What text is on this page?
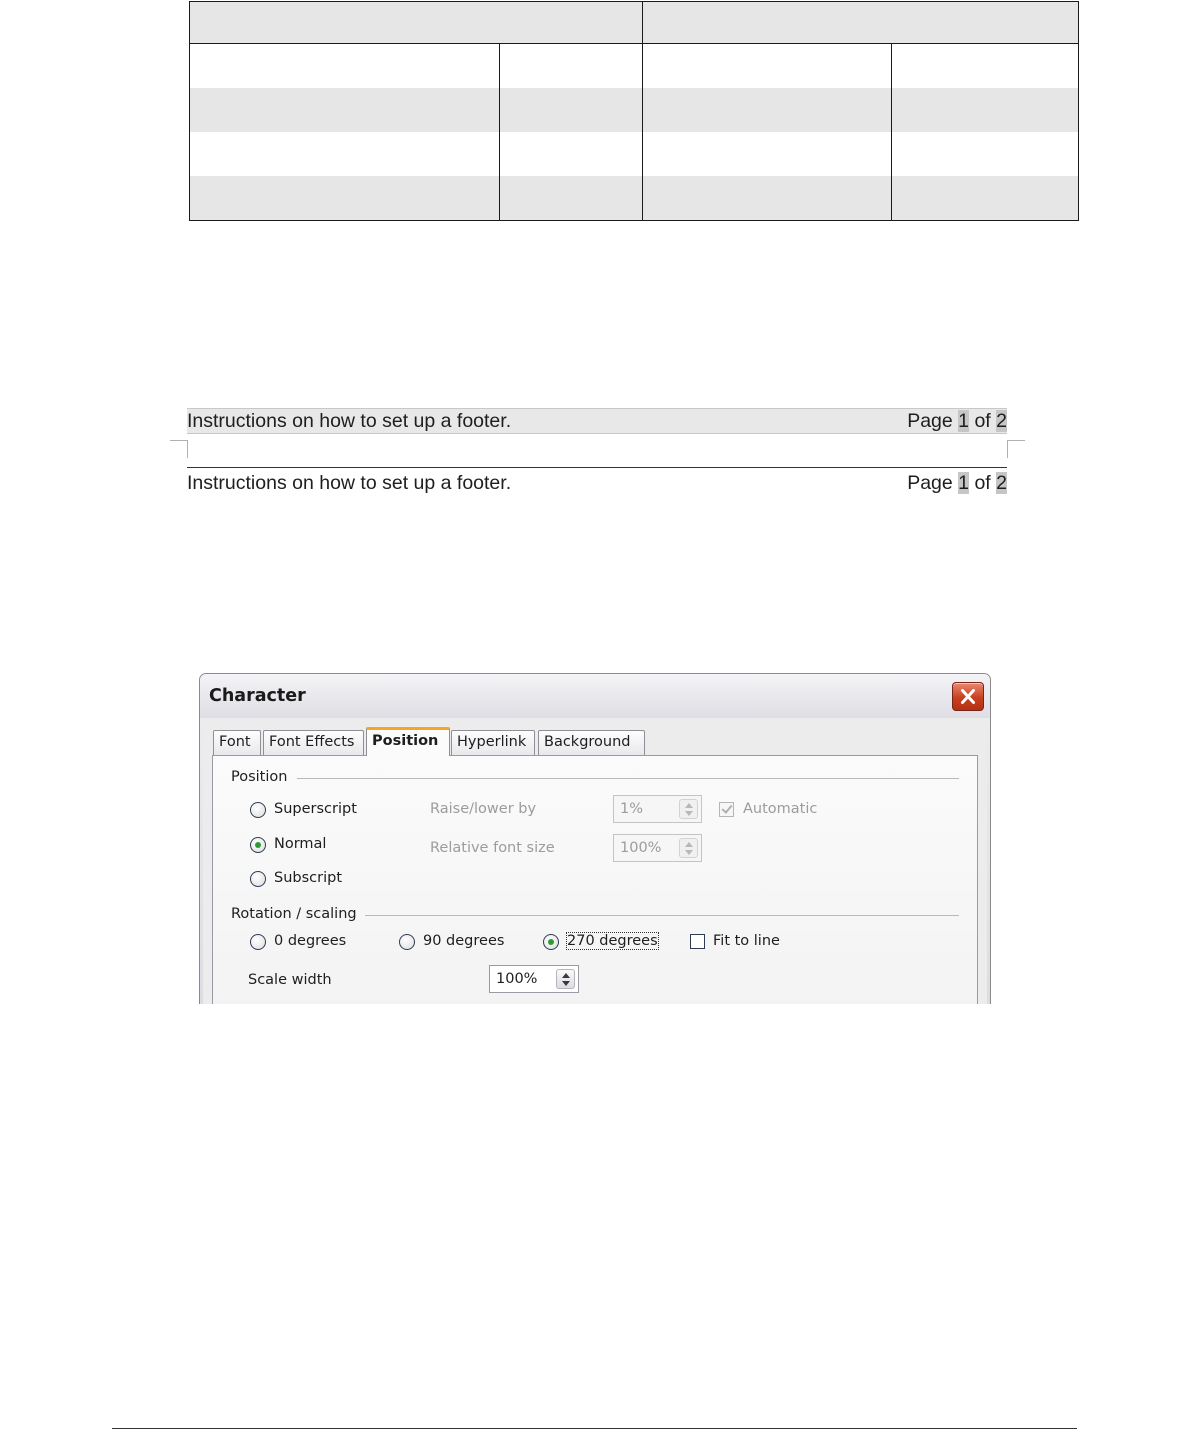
Instructions on how to set up a footer.	Page 1 of 2
Instructions on how to set up a footer.	Page 1 of 2
Character
Font	Font Effects	Position	Hyperlink	Background
Position
Superscript
Normal
Subscript
Raise/lower by	1%	Automatic
Relative font size	100%
Rotation / scaling
0 degrees	90 degrees	270 degrees	Fit to line
Scale width	100%
